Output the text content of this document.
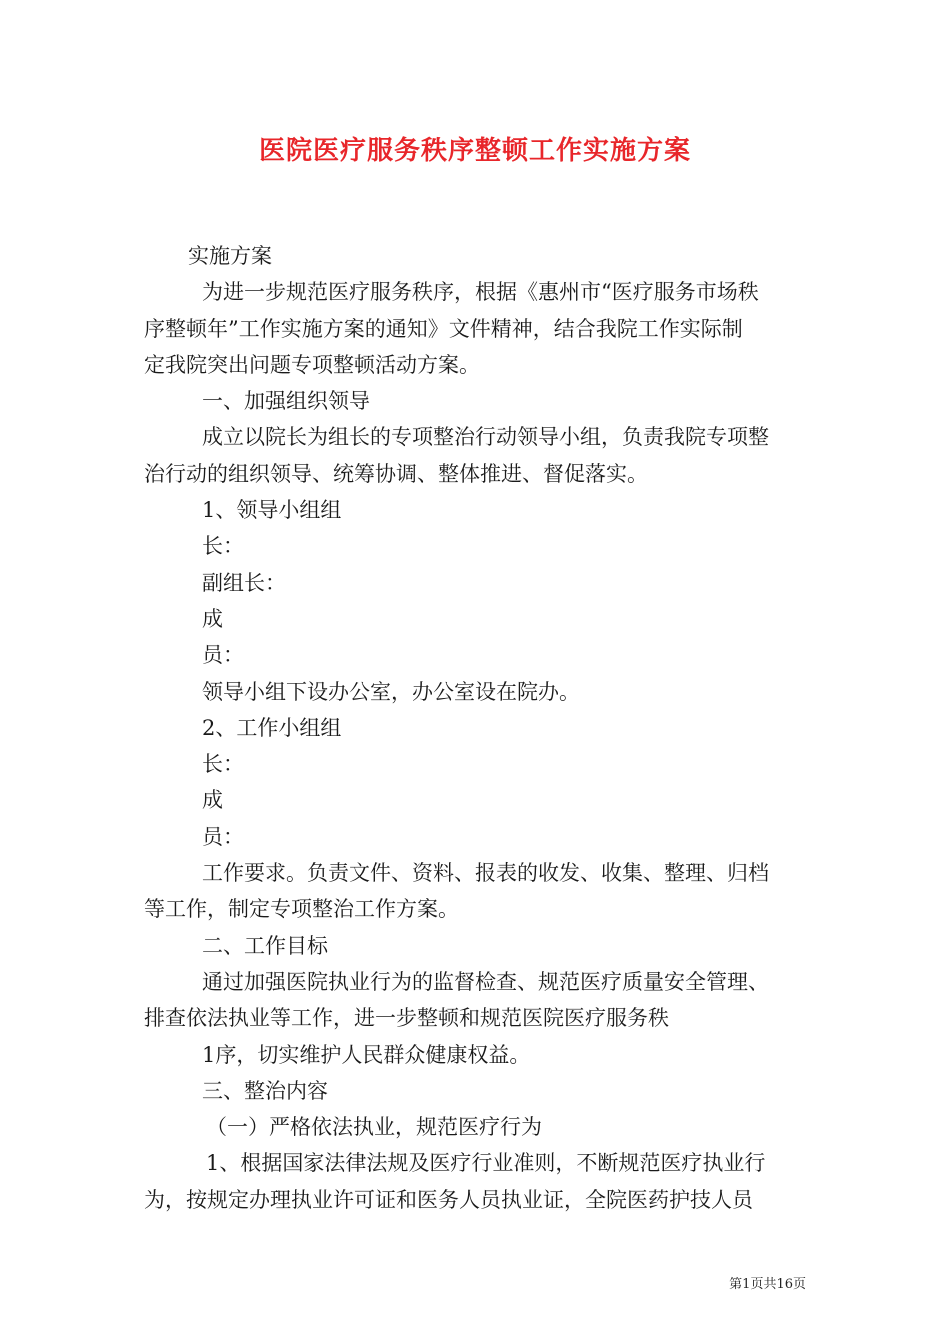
医院医疗服务秩序整顿工作实施方案
实施方案
为进一步规范医疗服务秩序，根据《惠州市“医疗服务市场秩
序整顿年”工作实施方案的通知》文件精神，结合我院工作实际制
定我院突出问题专项整顿活动方案。
一、加强组织领导
成立以院长为组长的专项整治行动领导小组，负责我院专项整
治行动的组织领导、统筹协调、整体推进、督促落实。
1、领导小组组
长：
副组长：
成
员：
领导小组下设办公室，办公室设在院办。
2、工作小组组
长：
成
员：
工作要求。负责文件、资料、报表的收发、收集、整理、归档
等工作，制定专项整治工作方案。
二、工作目标
通过加强医院执业行为的监督检查、规范医疗质量安全管理、
排查依法执业等工作，进一步整顿和规范医院医疗服务秩
1序，切实维护人民群众健康权益。
三、整治内容
（一）严格依法执业，规范医疗行为
1、根据国家法律法规及医疗行业准则，不断规范医疗执业行
为，按规定办理执业许可证和医务人员执业证，全院医药护技人员
第1页共16页
